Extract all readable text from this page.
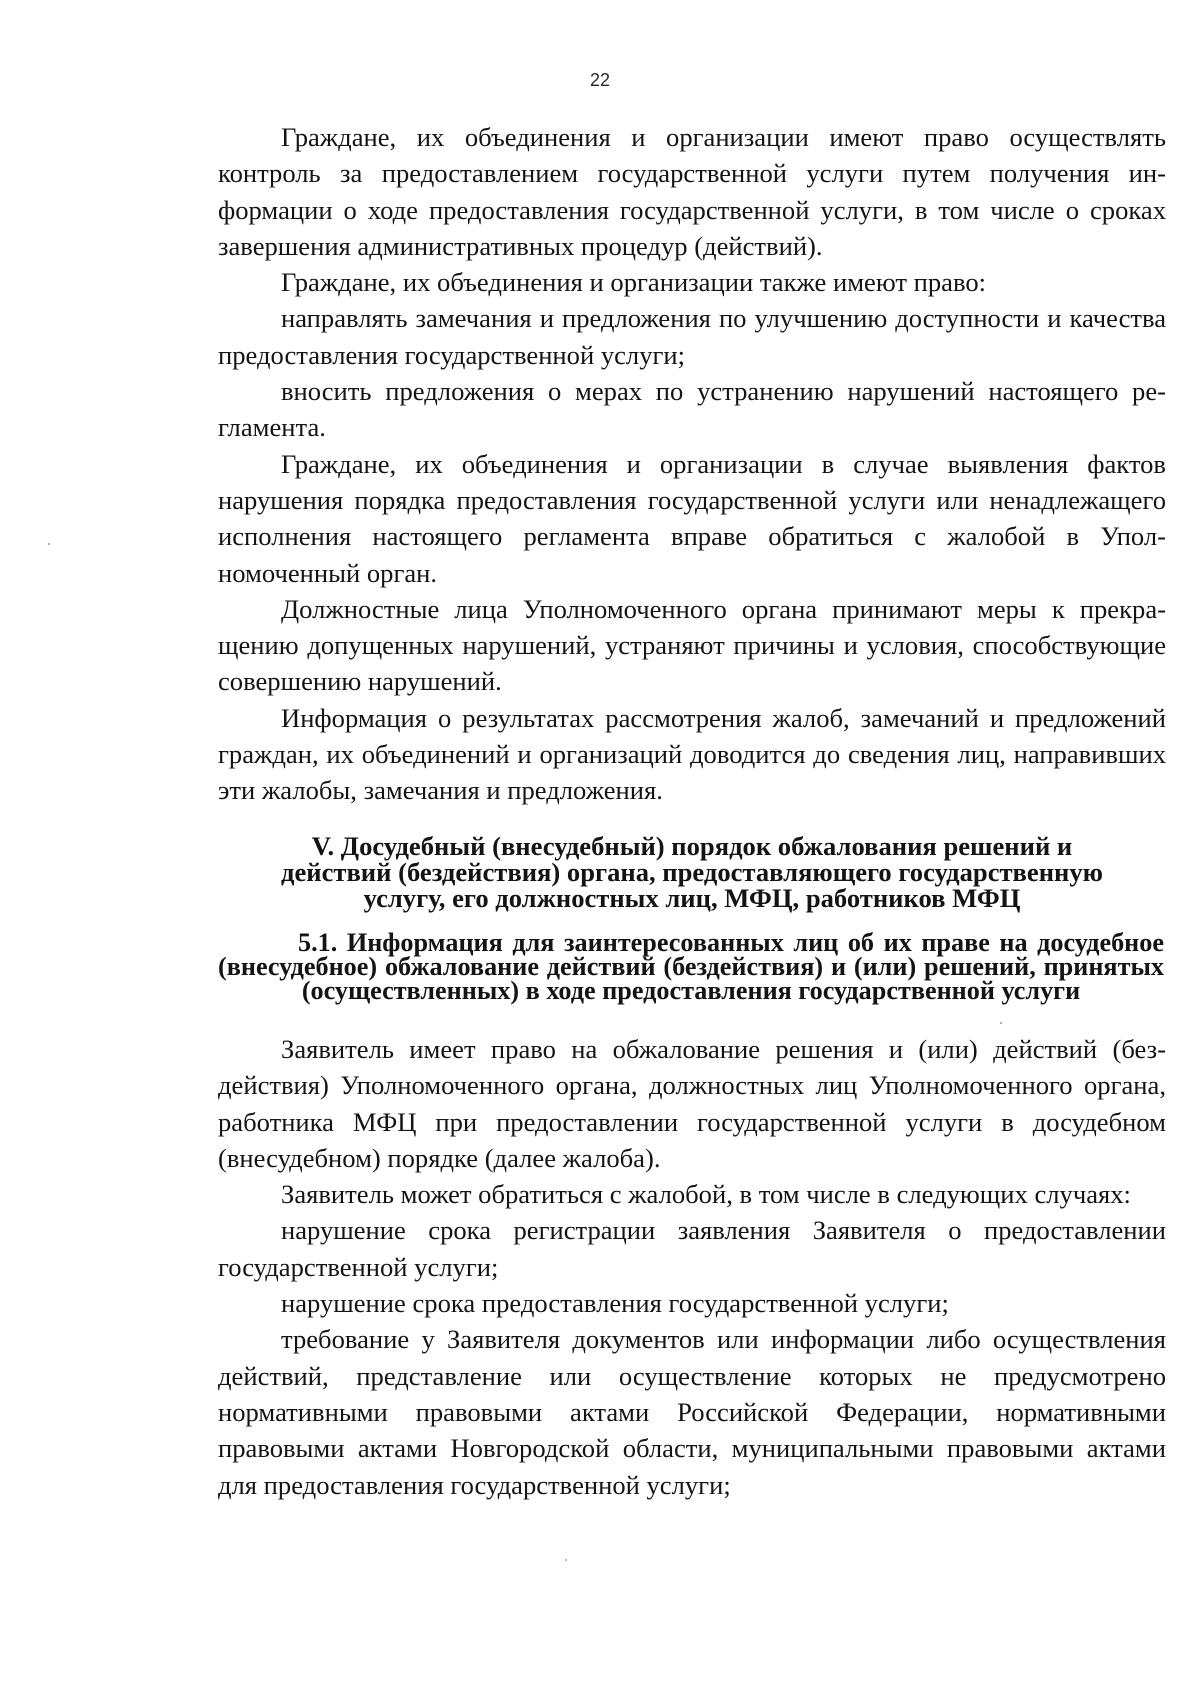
22

Граждане, их объединения и организации имеют право осуществлять контроль за предоставлением государственной услуги путем получения информации о ходе предоставления государственной услуги, в том числе о сроках завершения административных процедур (действий).

Граждане, их объединения и организации также имеют право:

направлять замечания и предложения по улучшению доступности и качества предоставления государственной услуги;

вносить предложения о мерах по устранению нарушений настоящего регламента.

Граждане, их объединения и организации в случае выявления фактов нарушения порядка предоставления государственной услуги или ненадлежащего исполнения настоящего регламента вправе обратиться с жалобой в Уполномоченный орган.

Должностные лица Уполномоченного органа принимают меры к прекращению допущенных нарушений, устраняют причины и условия, способствующие совершению нарушений.

Информация о результатах рассмотрения жалоб, замечаний и предложений граждан, их объединений и организаций доводится до сведения лиц, направивших эти жалобы, замечания и предложения.

V. Досудебный (внесудебный) порядок обжалования решений и
действий (бездействия) органа, предоставляющего государственную
услугу, его должностных лиц, МФЦ, работников МФЦ
5.1. Информация для заинтересованных лиц об их праве на досудебное (внесудебное) обжалование действий (бездействия) и (или) решений, принятых (осуществленных) в ходе предоставления государственной услуги

Заявитель имеет право на обжалование решения и (или) действий (бездействия) Уполномоченного органа, должностных лиц Уполномоченного органа, работника МФЦ при предоставлении государственной услуги в досудебном (внесудебном) порядке (далее жалоба).

Заявитель может обратиться с жалобой, в том числе в следующих случаях:

нарушение срока регистрации заявления Заявителя о предоставлении государственной услуги;

нарушение срока предоставления государственной услуги;

требование у Заявителя документов или информации либо осуществления действий, представление или осуществление которых не предусмотрено нормативными правовыми актами Российской Федерации, нормативными правовыми актами Новгородской области, муниципальными правовыми актами для предоставления государственной услуги;
